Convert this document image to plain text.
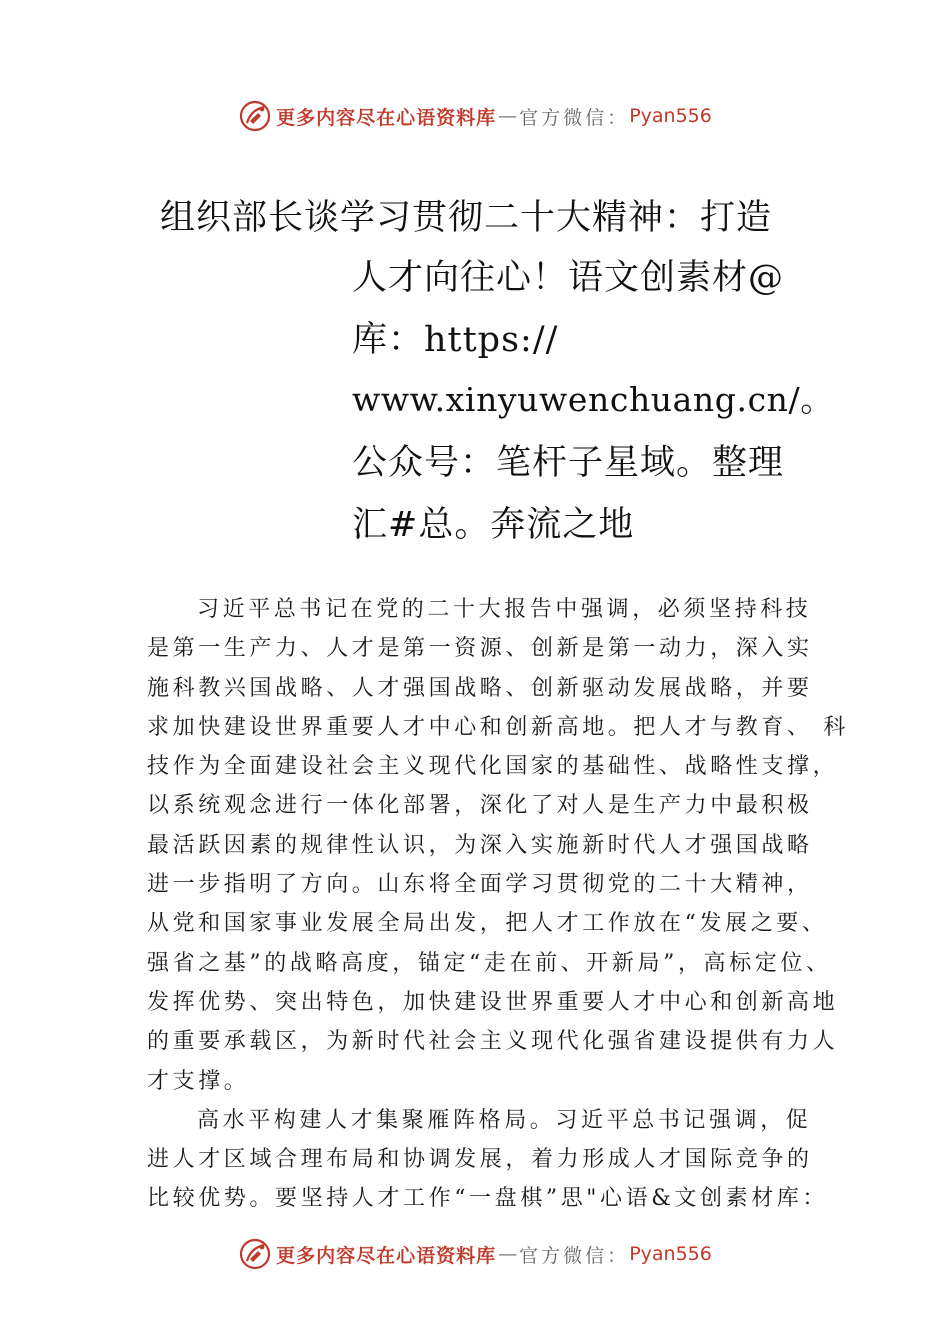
更多内容尽在心语资料库 — 官方微信： Pyan556
组织部长谈学习贯彻二十大精神：打造
人才向往心！语文创素材@
库：https://
www.xinyuwenchuang.cn/。
公众号：笔杆子星域。整理
汇#总。奔流之地
习近平总书记在党的二十大报告中强调，必须坚持科技
是第一生产力、人才是第一资源、创新是第一动力，深入实
施科教兴国战略、人才强国战略、创新驱动发展战略，并要
求加快建设世界重要人才中心和创新高地。把人才与教育、 科
技作为全面建设社会主义现代化国家的基础性、战略性支撑，
以系统观念进行一体化部署，深化了对人是生产力中最积极
最活跃因素的规律性认识，为深入实施新时代人才强国战略
进一步指明了方向。山东将全面学习贯彻党的二十大精神，
从党和国家事业发展全局出发，把人才工作放在“发展之要、
强省之基”的战略高度，锚定“走在前、开新局”，高标定位、
发挥优势、突出特色，加快建设世界重要人才中心和创新高地
的重要承载区，为新时代社会主义现代化强省建设提供有力人
才支撑。
高水平构建人才集聚雁阵格局。习近平总书记强调，促
进人才区域合理布局和协调发展，着力形成人才国际竞争的
比较优势。要坚持人才工作“一盘棋”思"心语&文创素材库：
更多内容尽在心语资料库 — 官方微信： Pyan556
